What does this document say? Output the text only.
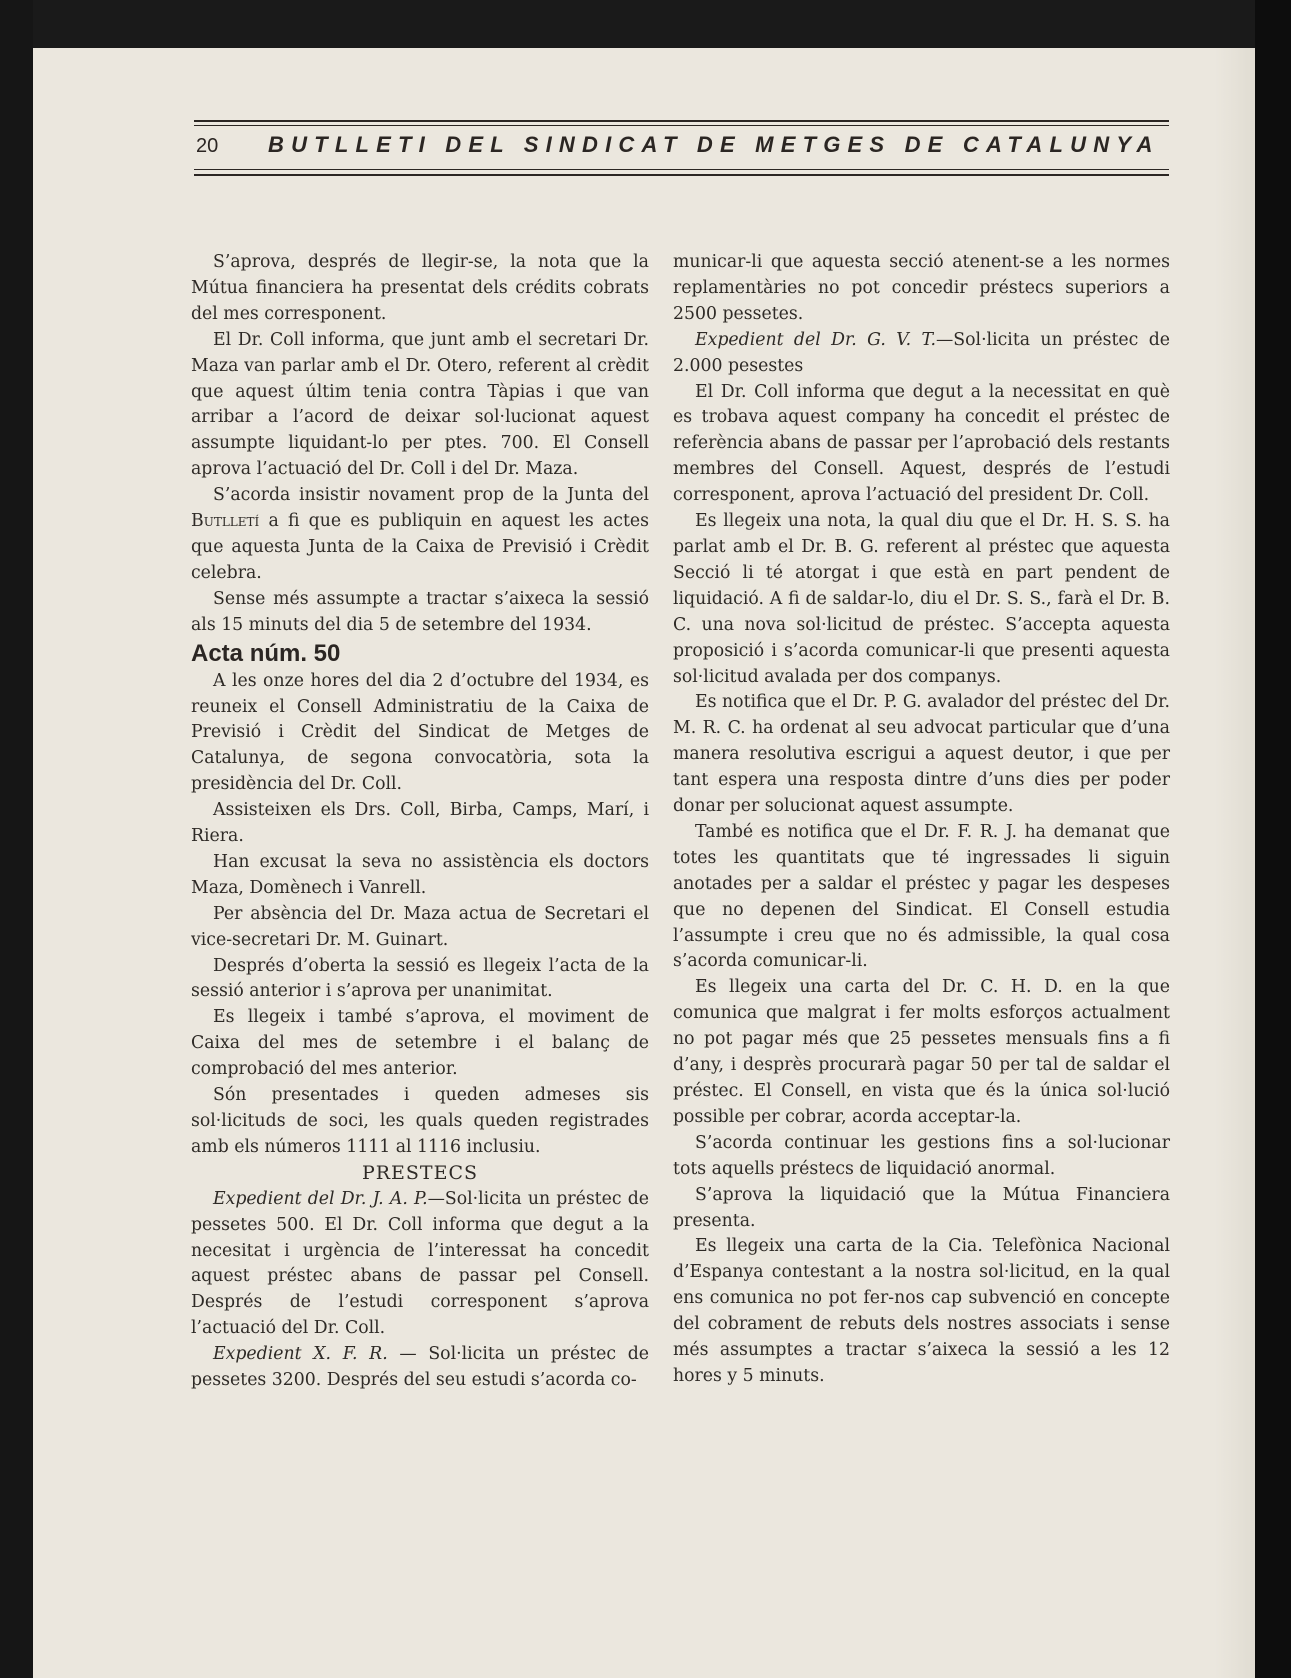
20 BUTLLETI DEL SINDICAT DE METGES DE CATALUNYA

S’aprova, després de llegir-se, la nota que la Mútua financiera ha presentat dels crédits cobrats del mes corresponent.

El Dr. Coll informa, que junt amb el secretari Dr. Maza van parlar amb el Dr. Otero, referent al crèdit que aquest últim tenia contra Tàpias i que van arribar a l’acord de deixar sol·lucionat aquest assumpte liquidant-lo per ptes. 700. El Consell aprova l’actuació del Dr. Coll i del Dr. Maza.

S’acorda insistir novament prop de la Junta del Butlletí a fi que es publiquin en aquest les actes que aquesta Junta de la Caixa de Previsió i Crèdit celebra.

Sense més assumpte a tractar s’aixeca la sessió als 15 minuts del dia 5 de setembre del 1934.

Acta núm. 50

A les onze hores del dia 2 d’octubre del 1934, es reuneix el Consell Administratiu de la Caixa de Previsió i Crèdit del Sindicat de Metges de Catalunya, de segona convocatòria, sota la presidència del Dr. Coll.

Assisteixen els Drs. Coll, Birba, Camps, Marí, i Riera.

Han excusat la seva no assistència els doctors Maza, Domènech i Vanrell.

Per absència del Dr. Maza actua de Secretari el vice-secretari Dr. M. Guinart.

Després d’oberta la sessió es llegeix l’acta de la sessió anterior i s’aprova per unanimitat.

Es llegeix i també s’aprova, el moviment de Caixa del mes de setembre i el balanç de comprobació del mes anterior.

Són presentades i queden admeses sis sol·licituds de soci, les quals queden registrades amb els números 1111 al 1116 inclusiu.

PRESTECS

Expedient del Dr. J. A. P.—Sol·licita un préstec de pessetes 500. El Dr. Coll informa que degut a la necesitat i urgència de l’interessat ha concedit aquest préstec abans de passar pel Consell. Després de l’estudi corresponent s’aprova l’actuació del Dr. Coll.

Expedient X. F. R. — Sol·licita un préstec de pessetes 3200. Després del seu estudi s’acorda co-

municar-li que aquesta secció atenent-se a les normes replamentàries no pot concedir préstecs superiors a 2500 pessetes.

Expedient del Dr. G. V. T.—Sol·licita un préstec de 2.000 pesestes

El Dr. Coll informa que degut a la necessitat en què es trobava aquest company ha concedit el préstec de referència abans de passar per l’aprobació dels restants membres del Consell. Aquest, després de l’estudi corresponent, aprova l’actuació del president Dr. Coll.

Es llegeix una nota, la qual diu que el Dr. H. S. S. ha parlat amb el Dr. B. G. referent al préstec que aquesta Secció li té atorgat i que està en part pendent de liquidació. A fi de saldar-lo, diu el Dr. S. S., farà el Dr. B. C. una nova sol·licitud de préstec. S’accepta aquesta proposició i s’acorda comunicar-li que presenti aquesta sol·licitud avalada per dos companys.

Es notifica que el Dr. P. G. avalador del préstec del Dr. M. R. C. ha ordenat al seu advocat particular que d’una manera resolutiva escrigui a aquest deutor, i que per tant espera una resposta dintre d’uns dies per poder donar per solucionat aquest assumpte.

També es notifica que el Dr. F. R. J. ha demanat que totes les quantitats que té ingressades li siguin anotades per a saldar el préstec y pagar les despeses que no depenen del Sindicat. El Consell estudia l’assumpte i creu que no és admissible, la qual cosa s’acorda comunicar-li.

Es llegeix una carta del Dr. C. H. D. en la que comunica que malgrat i fer molts esforços actualment no pot pagar més que 25 pessetes mensuals fins a fi d’any, i desprès procurarà pagar 50 per tal de saldar el préstec. El Consell, en vista que és la única sol·lució possible per cobrar, acorda acceptar-la.

S’acorda continuar les gestions fins a sol·lucionar tots aquells préstecs de liquidació anormal.

S’aprova la liquidació que la Mútua Financiera presenta.

Es llegeix una carta de la Cia. Telefònica Nacional d’Espanya contestant a la nostra sol·licitud, en la qual ens comunica no pot fer-nos cap subvenció en concepte del cobrament de rebuts dels nostres associats i sense més assumptes a tractar s’aixeca la sessió a les 12 hores y 5 minuts.
